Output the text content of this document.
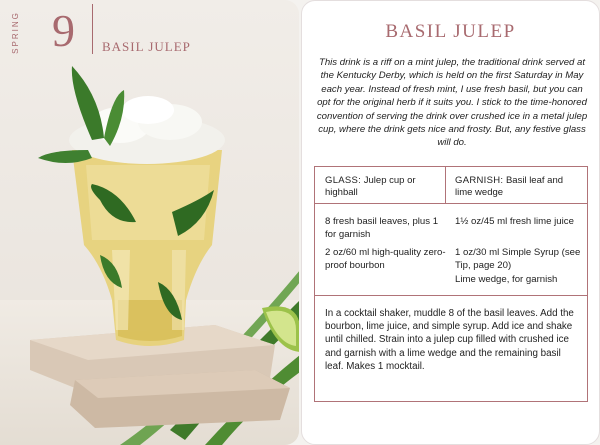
SPRING 9 BASIL JULEP
BASIL JULEP
This drink is a riff on a mint julep, the traditional drink served at the Kentucky Derby, which is held on the first Saturday in May each year. Instead of fresh mint, I use fresh basil, but you can opt for the original herb if it suits you. I stick to the time-honored convention of serving the drink over crushed ice in a metal julep cup, where the drink gets nice and frosty. But, any festive glass will do.
GLASS: Julep cup or highball
GARNISH: Basil leaf and lime wedge
8 fresh basil leaves, plus 1 for garnish
2 oz/60 ml high-quality zero-proof bourbon
1½ oz/45 ml fresh lime juice
1 oz/30 ml Simple Syrup (see Tip, page 20)
Lime wedge, for garnish
In a cocktail shaker, muddle 8 of the basil leaves. Add the bourbon, lime juice, and simple syrup. Add ice and shake until chilled. Strain into a julep cup filled with crushed ice and garnish with a lime wedge and the remaining basil leaf. Makes 1 mocktail.
